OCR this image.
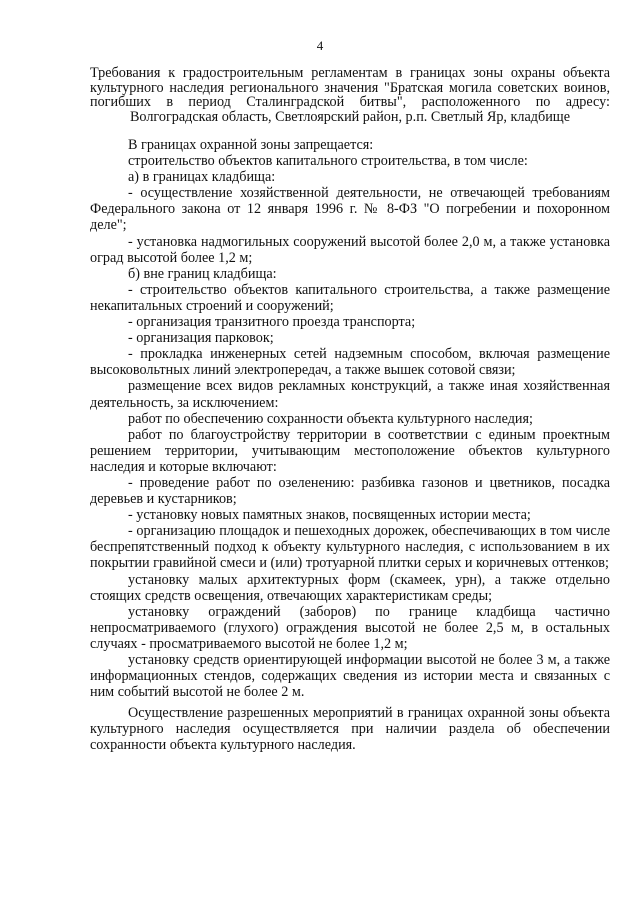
4
Требования к градостроительным регламентам в границах зоны охраны объекта культурного наследия регионального значения "Братская могила советских воинов, погибших в период Сталинградской битвы", расположенного по адресу: Волгоградская область, Светлоярский район, р.п. Светлый Яр, кладбище

В границах охранной зоны запрещается:

строительство объектов капитального строительства, в том числе:

а) в границах кладбища:

- осуществление хозяйственной деятельности, не отвечающей требованиям Федерального закона от 12 января 1996 г. № 8-ФЗ "О погребении и похоронном деле";

- установка надмогильных сооружений высотой более 2,0 м, а также установка оград высотой более 1,2 м;

б) вне границ кладбища:

- строительство объектов капитального строительства, а также размещение некапитальных строений и сооружений;

- организация транзитного проезда транспорта;

- организация парковок;

- прокладка инженерных сетей надземным способом, включая размещение высоковольтных линий электропередач, а также вышек сотовой связи;

размещение всех видов рекламных конструкций, а также иная хозяйственная деятельность, за исключением:

работ по обеспечению сохранности объекта культурного наследия;

работ по благоустройству территории в соответствии с единым проектным решением территории, учитывающим местоположение объектов культурного наследия и которые включают:

- проведение работ по озеленению: разбивка газонов и цветников, посадка деревьев и кустарников;

- установку новых памятных знаков, посвященных истории места;

- организацию площадок и пешеходных дорожек, обеспечивающих в том числе беспрепятственный подход к объекту культурного наследия, с использованием в их покрытии гравийной смеси и (или) тротуарной плитки серых и коричневых оттенков;

установку малых архитектурных форм (скамеек, урн), а также отдельно стоящих средств освещения, отвечающих характеристикам среды;

установку ограждений (заборов) по границе кладбища частично непросматриваемого (глухого) ограждения высотой не более 2,5 м, в остальных случаях - просматриваемого высотой не более 1,2 м;

установку средств ориентирующей информации высотой не более 3 м, а также информационных стендов, содержащих сведения из истории места и связанных с ним событий высотой не более 2 м.

Осуществление разрешенных мероприятий в границах охранной зоны объекта культурного наследия осуществляется при наличии раздела об обеспечении сохранности объекта культурного наследия.
